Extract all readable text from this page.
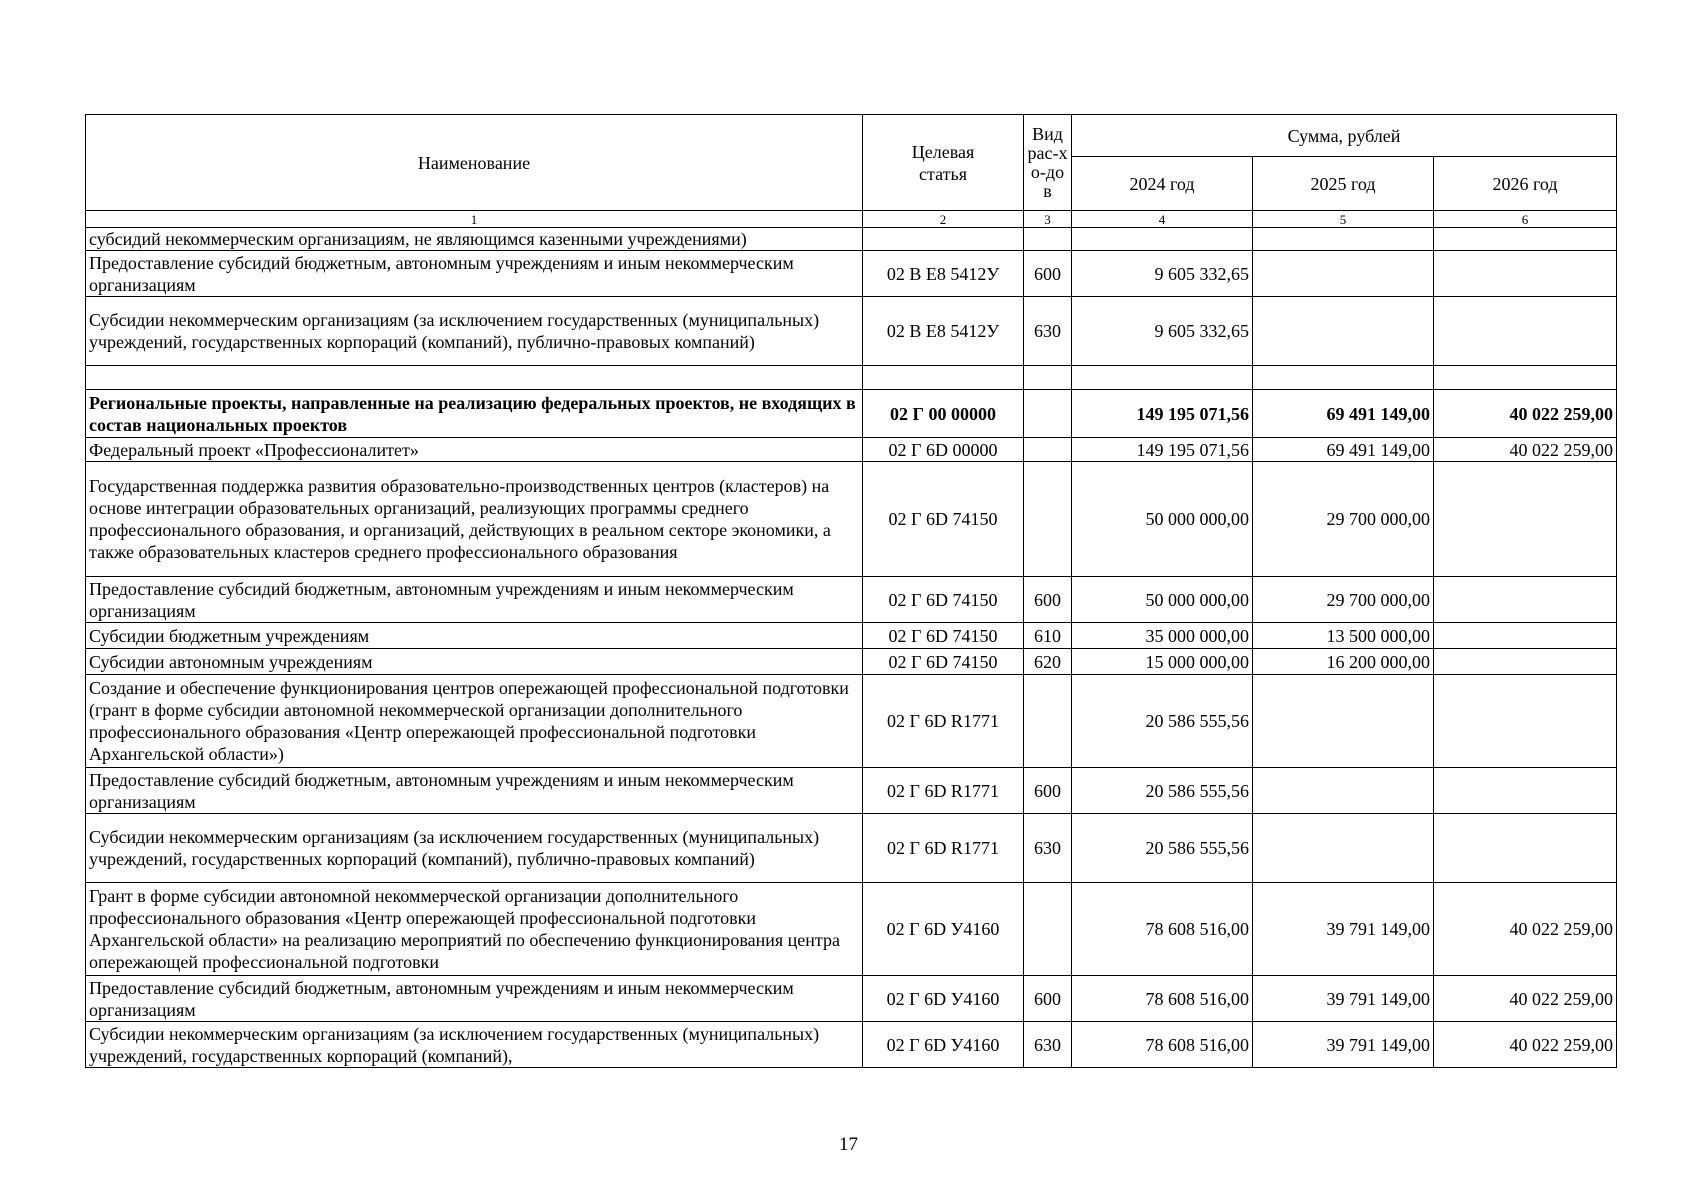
Наименование	Целевая статья	Вид рас-хо-дов	Сумма, рублей		
			2024 год	2025 год	2026 год
1	2	3	4	5	6
субсидий некоммерческим организациям, не являющимся казенными учреждениями)					
Предоставление субсидий бюджетным, автономным учреждениям и иным некоммерческим организациям	02 В Е8 5412У	600	9 605 332,65		
Субсидии некоммерческим организациям (за исключением государственных (муниципальных) учреждений, государственных корпораций (компаний), публично-правовых компаний)	02 В Е8 5412У	630	9 605 332,65		

Региональные проекты, направленные на реализацию федеральных проектов, не входящих в состав национальных проектов	02 Г 00 00000		149 195 071,56	69 491 149,00	40 022 259,00
Федеральный проект «Профессионалитет»	02 Г 6D 00000		149 195 071,56	69 491 149,00	40 022 259,00
Государственная поддержка развития образовательно-производственных центров (кластеров) на основе интеграции образовательных организаций, реализующих программы среднего профессионального образования, и организаций, действующих в реальном секторе экономики, а также образовательных кластеров среднего профессионального образования	02 Г 6D 74150		50 000 000,00	29 700 000,00	
Предоставление субсидий бюджетным, автономным учреждениям и иным некоммерческим организациям	02 Г 6D 74150	600	50 000 000,00	29 700 000,00	
Субсидии бюджетным учреждениям	02 Г 6D 74150	610	35 000 000,00	13 500 000,00	
Субсидии автономным учреждениям	02 Г 6D 74150	620	15 000 000,00	16 200 000,00	
Создание и обеспечение функционирования центров опережающей профессиональной подготовки (грант в форме субсидии автономной некоммерческой организации дополнительного профессионального образования «Центр опережающей профессиональной подготовки Архангельской области»)	02 Г 6D R1771		20 586 555,56		
Предоставление субсидий бюджетным, автономным учреждениям и иным некоммерческим организациям	02 Г 6D R1771	600	20 586 555,56		
Субсидии некоммерческим организациям (за исключением государственных (муниципальных) учреждений, государственных корпораций (компаний), публично-правовых компаний)	02 Г 6D R1771	630	20 586 555,56		
Грант в форме субсидии автономной некоммерческой организации дополнительного профессионального образования «Центр опережающей профессиональной подготовки Архангельской области» на реализацию мероприятий по обеспечению функционирования центра опережающей профессиональной подготовки	02 Г 6D У4160		78 608 516,00	39 791 149,00	40 022 259,00
Предоставление субсидий бюджетным, автономным учреждениям и иным некоммерческим организациям	02 Г 6D У4160	600	78 608 516,00	39 791 149,00	40 022 259,00
Субсидии некоммерческим организациям (за исключением государственных (муниципальных) учреждений, государственных корпораций (компаний),	02 Г 6D У4160	630	78 608 516,00	39 791 149,00	40 022 259,00
17
